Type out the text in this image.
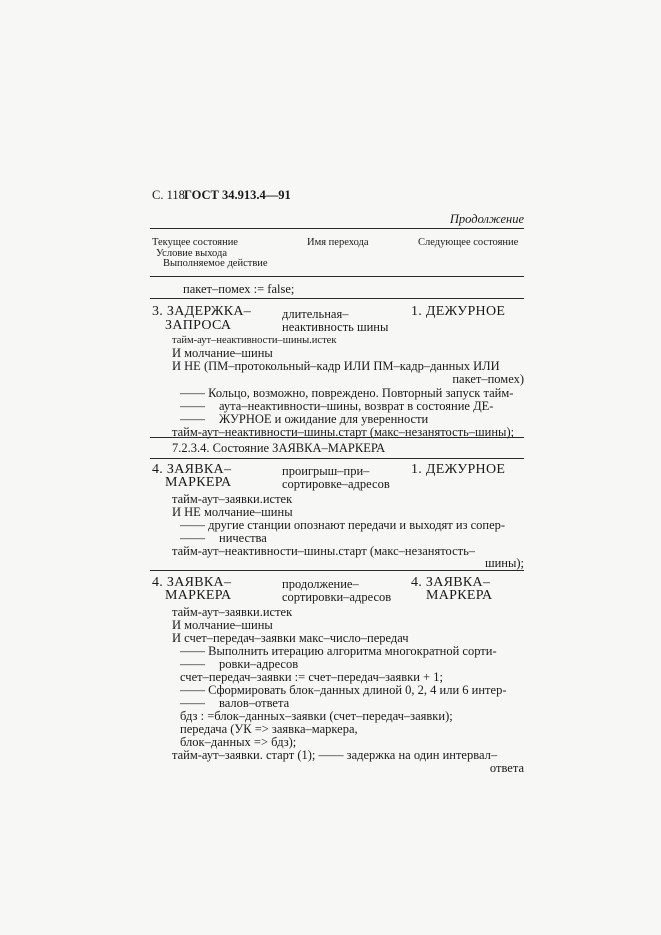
С. 118 ГОСТ 34.913.4—91
Продолжение
Текущее состояние
Условие выхода
Выполняемое действие
Имя перехода	Следующее состояние
пакет–помех := false;
3. ЗАДЕРЖКА–
ЗАПРОСА
длительная–
неактивность шины
1. ДЕЖУРНОЕ
тайм-аут–неактивности–шины.истек
И молчание–шины
И НЕ (ПМ–протокольный–кадр ИЛИ ПМ–кадр–данных ИЛИ
пакет–помех)
—— Кольцо, возможно, повреждено. Повторный запуск тайм-
—— аута–неактивности–шины, возврат в состояние ДЕ-
—— ЖУРНОЕ и ожидание для уверенности
тайм-аут–неактивности–шины.старт (макс–незанятость–шины);
7.2.3.4. Состояние ЗАЯВКА–МАРКЕРА
4. ЗАЯВКА–
МАРКЕРА
проигрыш–при–
сортировке–адресов
1. ДЕЖУРНОЕ
тайм-аут–заявки.истек
И НЕ молчание–шины
—— другие станции опознают передачи и выходят из сопер-
—— ничества
тайм-аут–неактивности–шины.старт (макс–незанятость–
шины);
4. ЗАЯВКА–
МАРКЕРА
продолжение–
сортировки–адресов
4. ЗАЯВКА–
МАРКЕРА
тайм-аут–заявки.истек
И молчание–шины
И счет–передач–заявки макс–число–передач
—— Выполнить итерацию алгоритма многократной сорти-
—— ровки–адресов
счет–передач–заявки := счет–передач–заявки + 1;
—— Сформировать блок–данных длиной 0, 2, 4 или 6 интер-
—— валов–ответа
бдз : =блок–данных–заявки (счет–передач–заявки);
передача (УК => заявка–маркера,
блок–данных => бдз);
тайм-аут–заявки. старт (1); —— задержка на один интервал–
ответа
